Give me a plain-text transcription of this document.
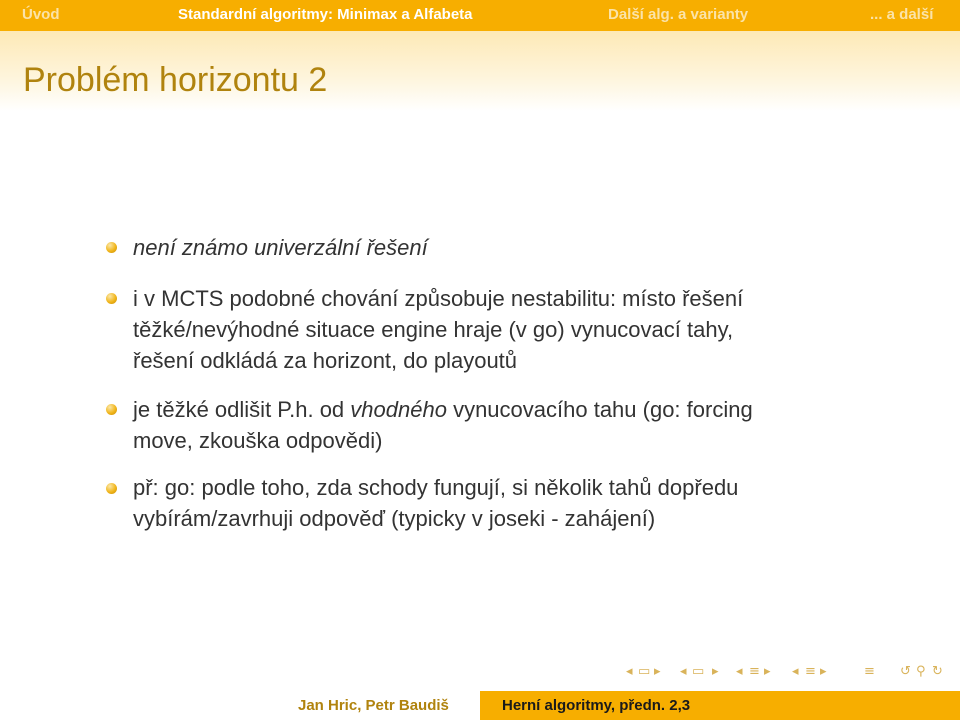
Úvod	Standardní algoritmy: Minimax a Alfabeta	Další alg. a varianty	... a další
Problém horizontu 2
není známo univerzální řešení
i v MCTS podobné chování způsobuje nestabilitu: místo řešení
těžké/nevýhodné situace engine hraje (v go) vynucovací tahy,
řešení odkládá za horizont, do playoutů
je těžké odlišit P.h. od vhodného vynucovacího tahu (go: forcing
move, zkouška odpovědi)
př: go: podle toho, zda schody fungují, si několik tahů dopředu
vybírám/zavrhuji odpověď (typicky v joseki - zahájení)
◂ ▭ ▸ ◂ ▭ ▸ ◂ ≡ ▸ ◂ ≡ ▸	≡ ↺ ⚲ ↻
Jan Hric, Petr Baudiš	Herní algoritmy, předn. 2,3
